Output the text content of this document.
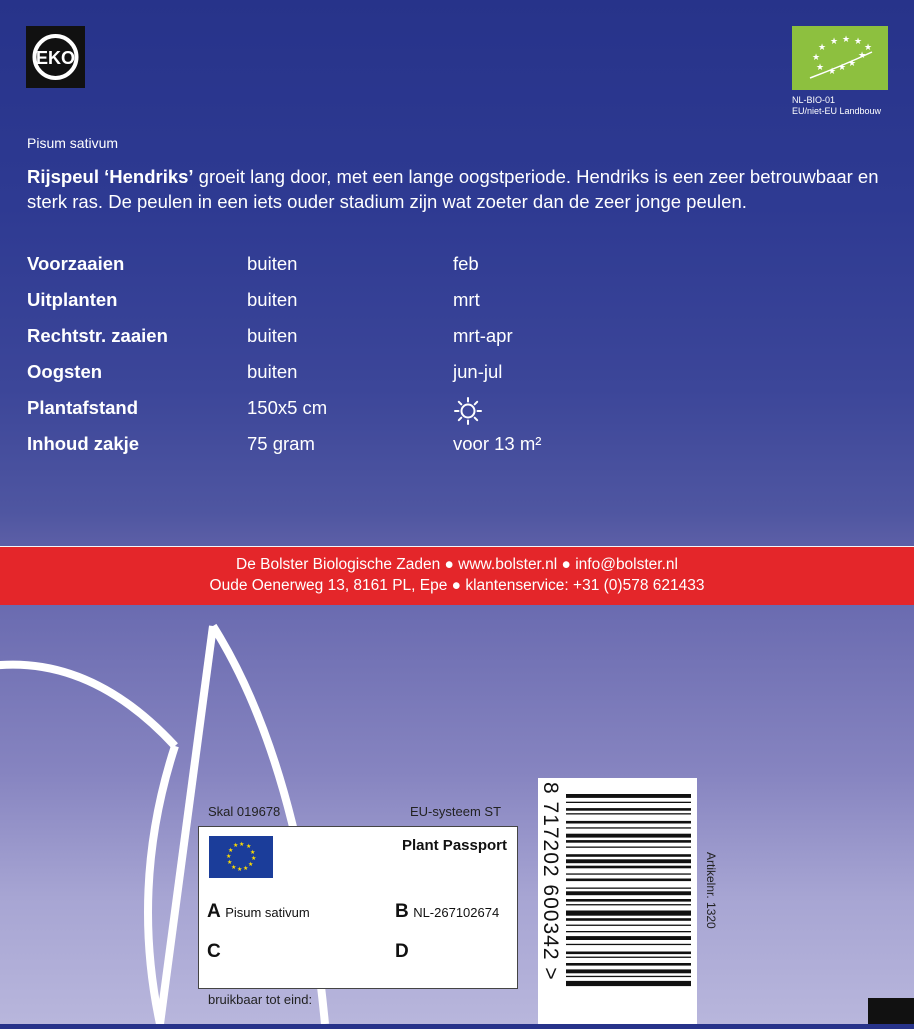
EKO
★
★ ★ ★
★
★	★
★	★
★ ★
NL-BIO-01
EU/niet-EU Landbouw
Pisum sativum
Rijspeul ‘Hendriks’ groeit lang door, met een lange oogstperiode. Hendriks is een zeer betrouwbaar en sterk ras. De peulen in een iets ouder stadium zijn wat zoeter dan de zeer jonge peulen.
Voorzaaien	buiten	feb
Uitplanten	buiten	mrt
Rechtstr. zaaien	buiten	mrt-apr
Oogsten	buiten	jun-jul
Plantafstand	150x5 cm
Inhoud zakje	75 gram	voor 13 m²
De Bolster Biologische Zaden ● www.bolster.nl ● info@bolster.nl
Oude Oenerweg 13, 8161 PL, Epe ● klantenservice: +31 (0)578 621433
Skal 019678	EU-systeem ST
★ ★
★
★
★
★
★
★
★
★
★
★	Plant Passport
A Pisum sativum	B NL-267102674
C	D
bruikbaar tot eind:
8 717202 600342 >	Artikelnr. 1320
